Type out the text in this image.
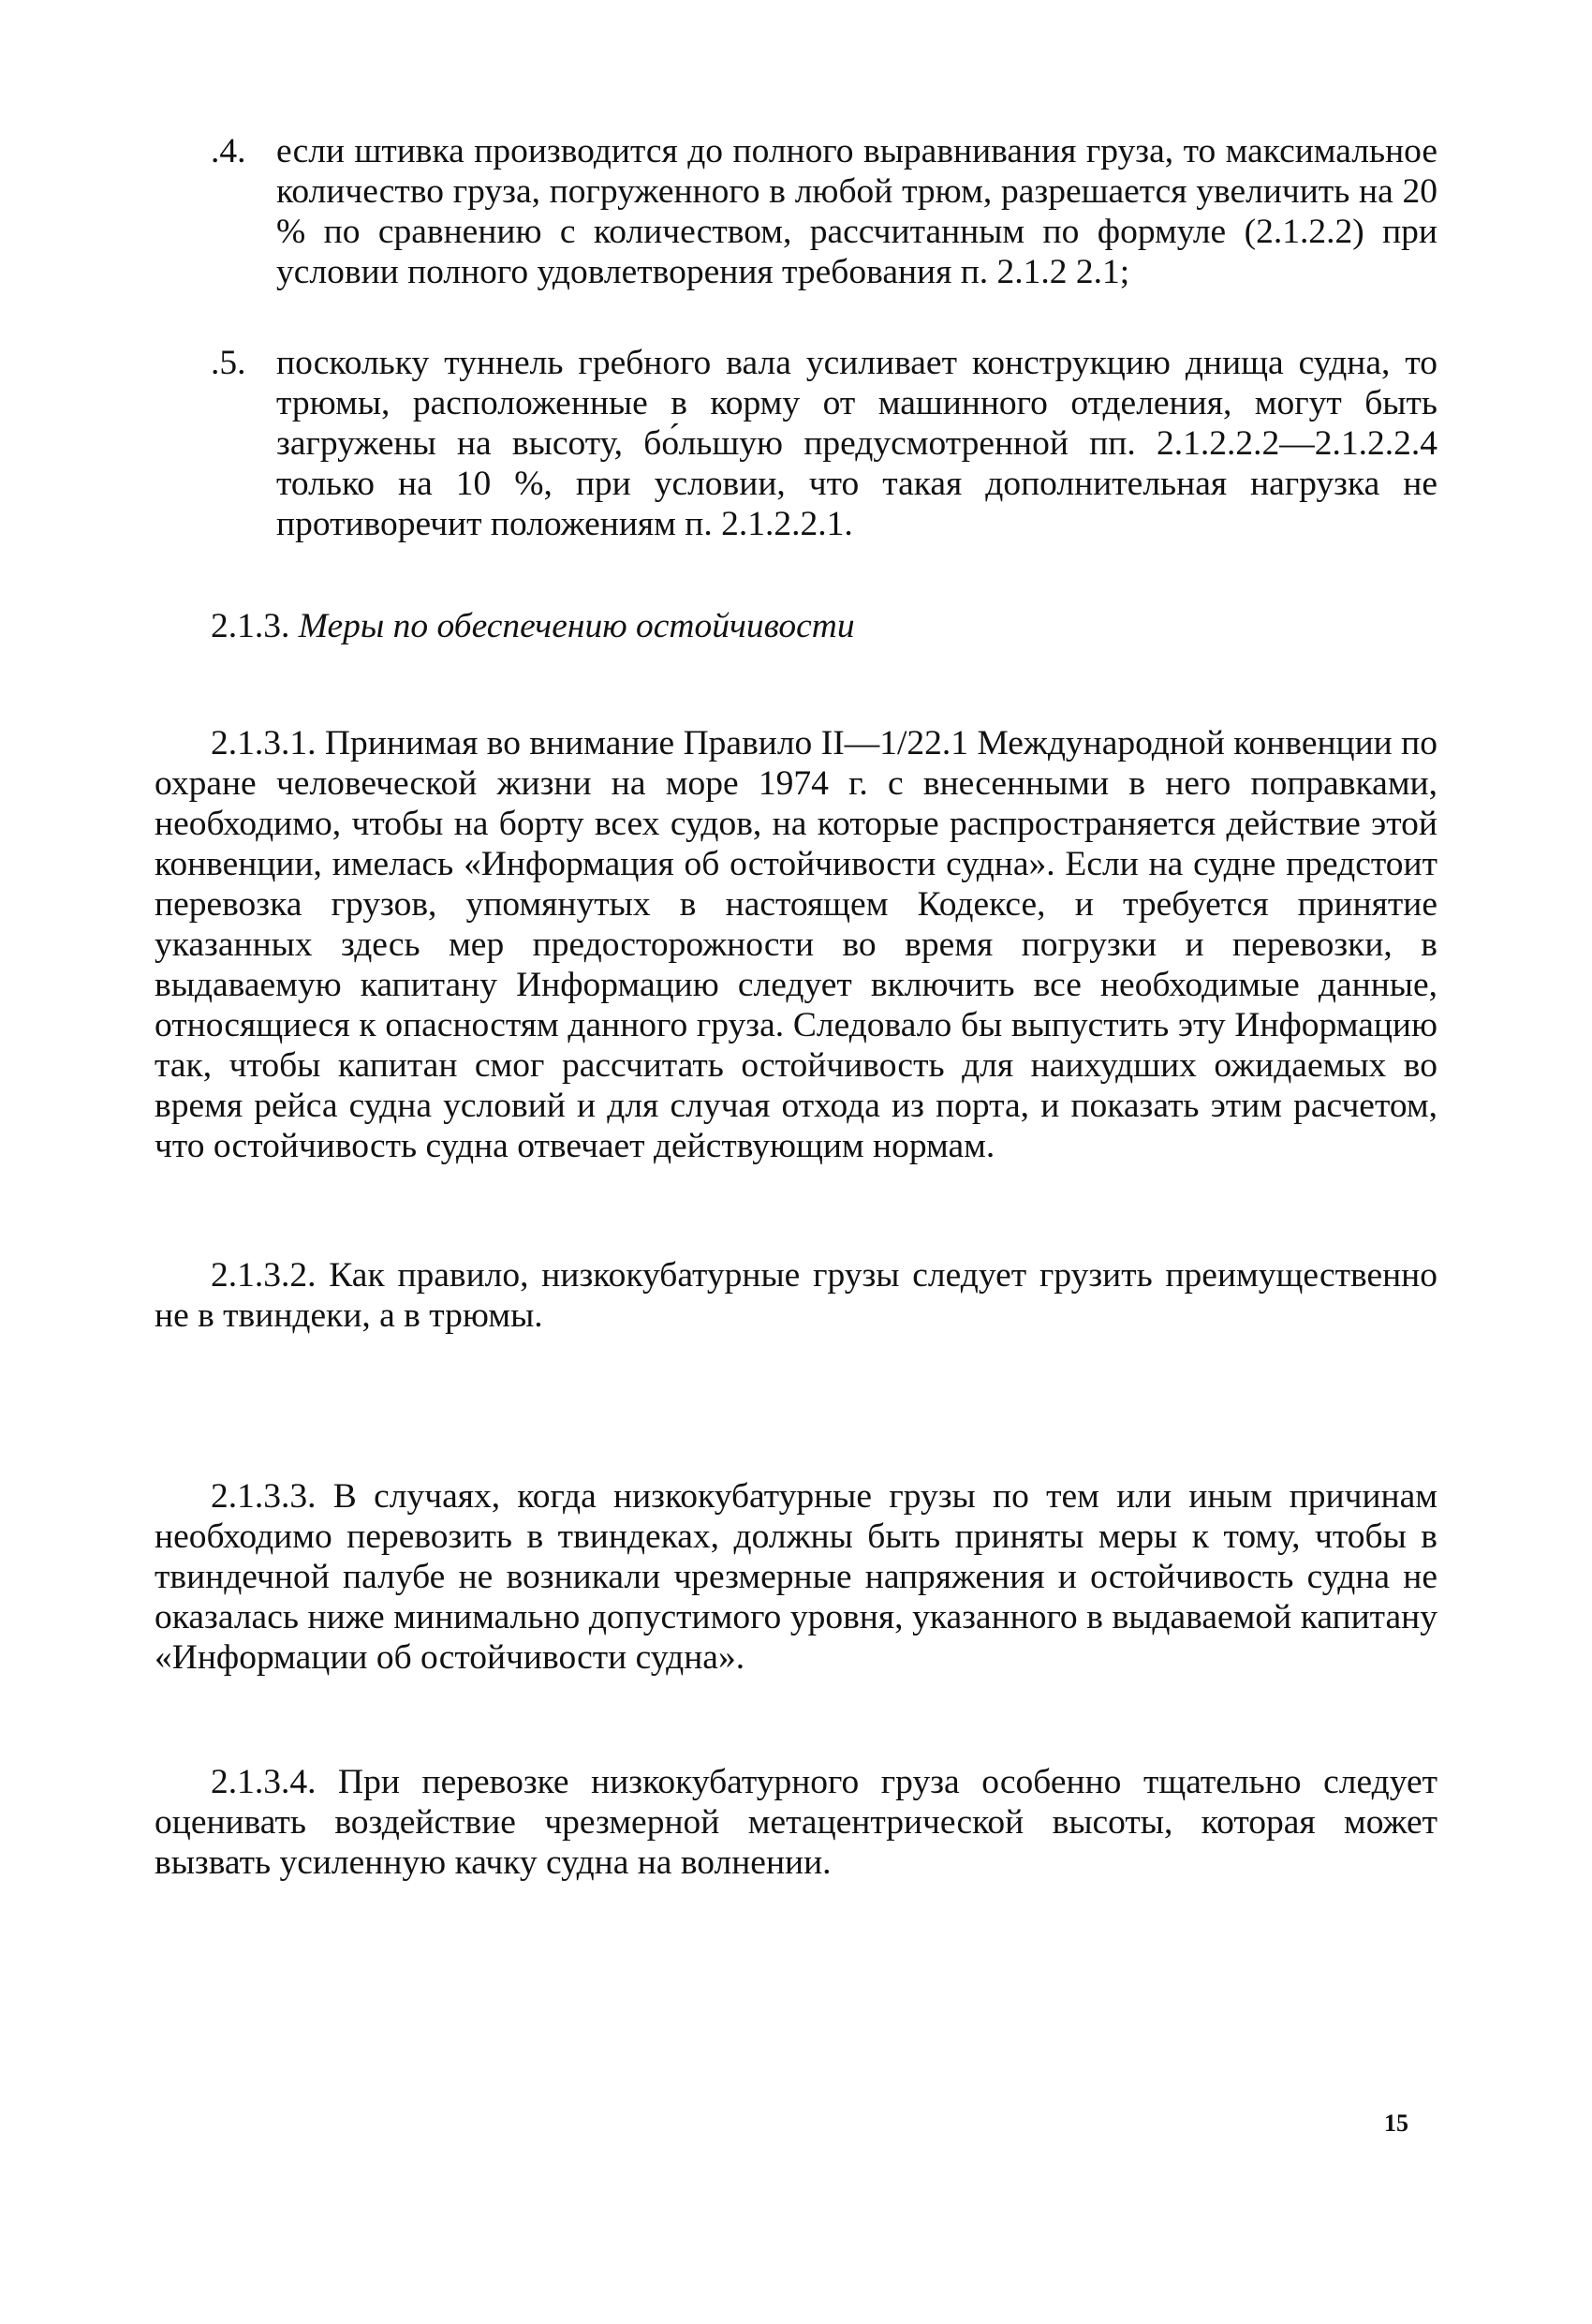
.4. если штивка производится до полного выравнивания груза, то максимальное количество груза, погруженного в любой трюм, разрешается увеличить на 20 % по сравнению с количеством, рассчитанным по формуле (2.1.2.2) при условии полного удовлетворения требования п. 2.1.2 2.1;
.5. поскольку туннель гребного вала усиливает конструкцию днища судна, то трюмы, расположенные в корму от машинного отделения, могут быть загружены на высоту, бо́льшую предусмотренной пп. 2.1.2.2.2—2.1.2.2.4 только на 10 %, при условии, что такая дополнительная нагрузка не противоречит положениям п. 2.1.2.2.1.
2.1.3. Меры по обеспечению остойчивости

2.1.3.1. Принимая во внимание Правило II—1/22.1 Международной конвенции по охране человеческой жизни на море 1974 г. с внесенными в него поправками, необходимо, чтобы на борту всех судов, на которые распространяется действие этой конвенции, имелась «Информация об остойчивости судна». Если на судне предстоит перевозка грузов, упомянутых в настоящем Кодексе, и требуется принятие указанных здесь мер предосторожности во время погрузки и перевозки, в выдаваемую капитану Информацию следует включить все необходимые данные, относящиеся к опасностям данного груза. Следовало бы выпустить эту Информацию так, чтобы капитан смог рассчитать остойчивость для наихудших ожидаемых во время рейса судна условий и для случая отхода из порта, и показать этим расчетом, что остойчивость судна отвечает действующим нормам.

2.1.3.2. Как правило, низкокубатурные грузы следует грузить преимущественно не в твиндеки, а в трюмы.

2.1.3.3. В случаях, когда низкокубатурные грузы по тем или иным причинам необходимо перевозить в твиндеках, должны быть приняты меры к тому, чтобы в твиндечной палубе не возникали чрезмерные напряжения и остойчивость судна не оказалась ниже минимально допустимого уровня, указанного в выдаваемой капитану «Информации об остойчивости судна».

2.1.3.4. При перевозке низкокубатурного груза особенно тщательно следует оценивать воздействие чрезмерной метацентрической высоты, которая может вызвать усиленную качку судна на волнении.

15
